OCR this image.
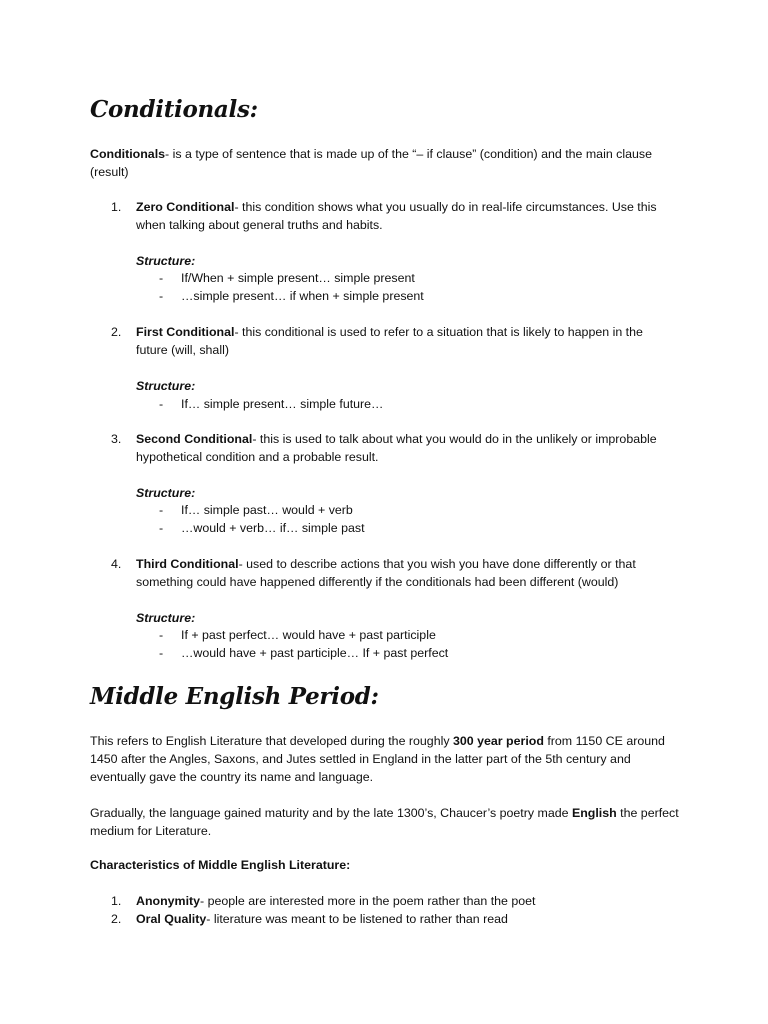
Conditionals:

Conditionals- is a type of sentence that is made up of the “– if clause” (condition) and the main clause (result)

1. Zero Conditional- this condition shows what you usually do in real-life circumstances. Use this when talking about general truths and habits.
Structure:
- If/When + simple present… simple present
- …simple present… if when + simple present
2. First Conditional- this conditional is used to refer to a situation that is likely to happen in the future (will, shall)
Structure:
- If… simple present… simple future…
3. Second Conditional- this is used to talk about what you would do in the unlikely or improbable hypothetical condition and a probable result.
Structure:
- If… simple past… would + verb
- …would + verb… if… simple past
4. Third Conditional- used to describe actions that you wish you have done differently or that something could have happened differently if the conditionals had been different (would)
Structure:
- If + past perfect… would have + past participle
- …would have + past participle… If + past perfect
Middle English Period:

This refers to English Literature that developed during the roughly 300 year period from 1150 CE around 1450 after the Angles, Saxons, and Jutes settled in England in the latter part of the 5th century and eventually gave the country its name and language.

Gradually, the language gained maturity and by the late 1300’s, Chaucer’s poetry made English the perfect medium for Literature.

Characteristics of Middle English Literature:

1. Anonymity- people are interested more in the poem rather than the poet
2. Oral Quality- literature was meant to be listened to rather than read
